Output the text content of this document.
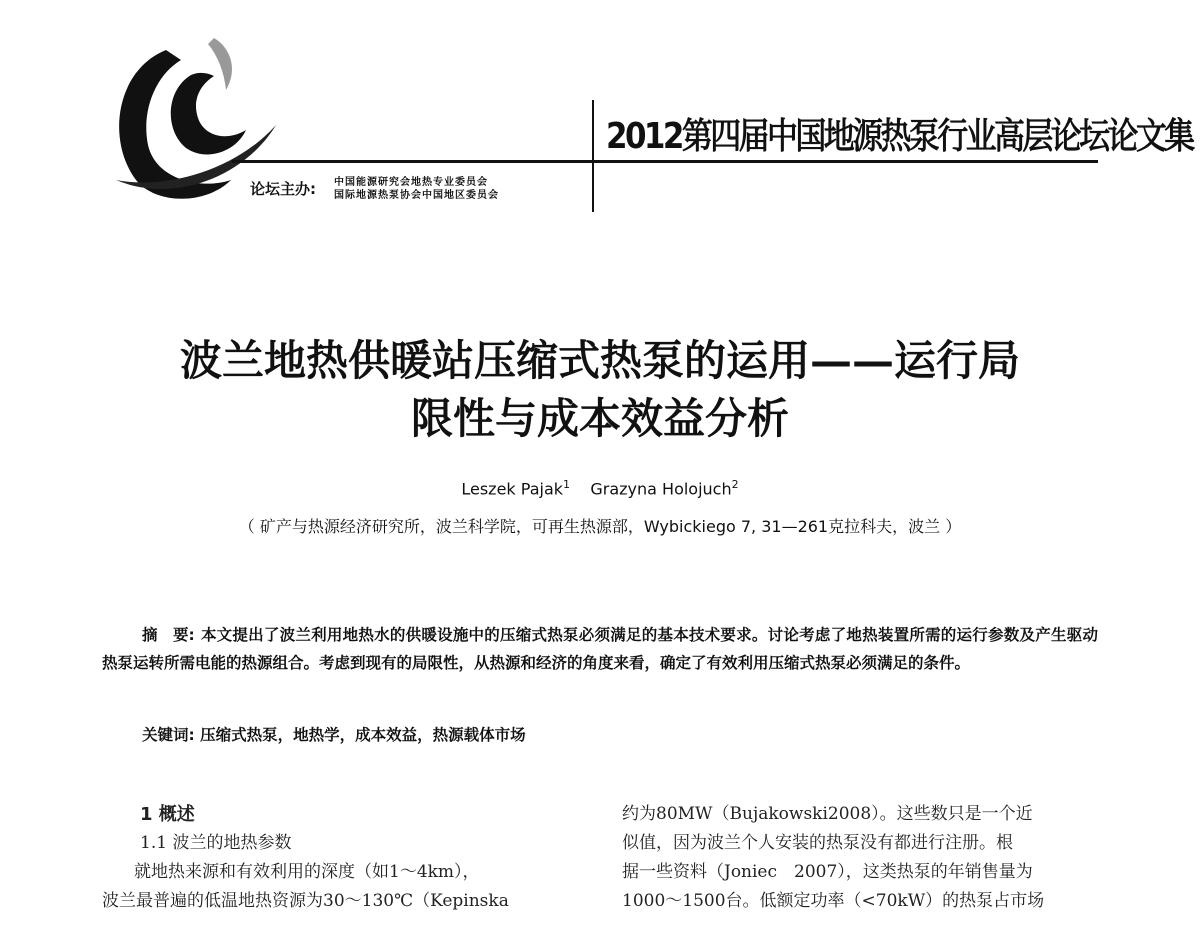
2012第四届中国地源热泵行业高层论坛论文集
论坛主办: 中国能源研究会地热专业委员会
国际地源热泵协会中国地区委员会
波兰地热供暖站压缩式热泵的运用——运行局
限性与成本效益分析
Leszek Pajak$^1$ Grazyna Holojuch$^2$
（ 矿产与热源经济研究所，波兰科学院，可再生热源部，Wybickiego 7, 31—261克拉科夫，波兰 ）
摘　要: 本文提出了波兰利用地热水的供暖设施中的压缩式热泵必须满足的基本技术要求。讨论考虑了地热装置所需的运行参数及产生驱动热泵运转所需电能的热源组合。考虑到现有的局限性，从热源和经济的角度来看，确定了有效利用压缩式热泵必须满足的条件。
关键词: 压缩式热泵，地热学，成本效益，热源载体市场
1 概述
1.1 波兰的地热参数
就地热来源和有效利用的深度（如1～4km），
波兰最普遍的低温地热资源为30～130℃（Kepinska
约为80MW（Bujakowski2008）。这些数只是一个近
似值，因为波兰个人安装的热泵没有都进行注册。根
据一些资料（Joniec　2007），这类热泵的年销售量为
1000～1500台。低额定功率（<70kW）的热泵占市场
